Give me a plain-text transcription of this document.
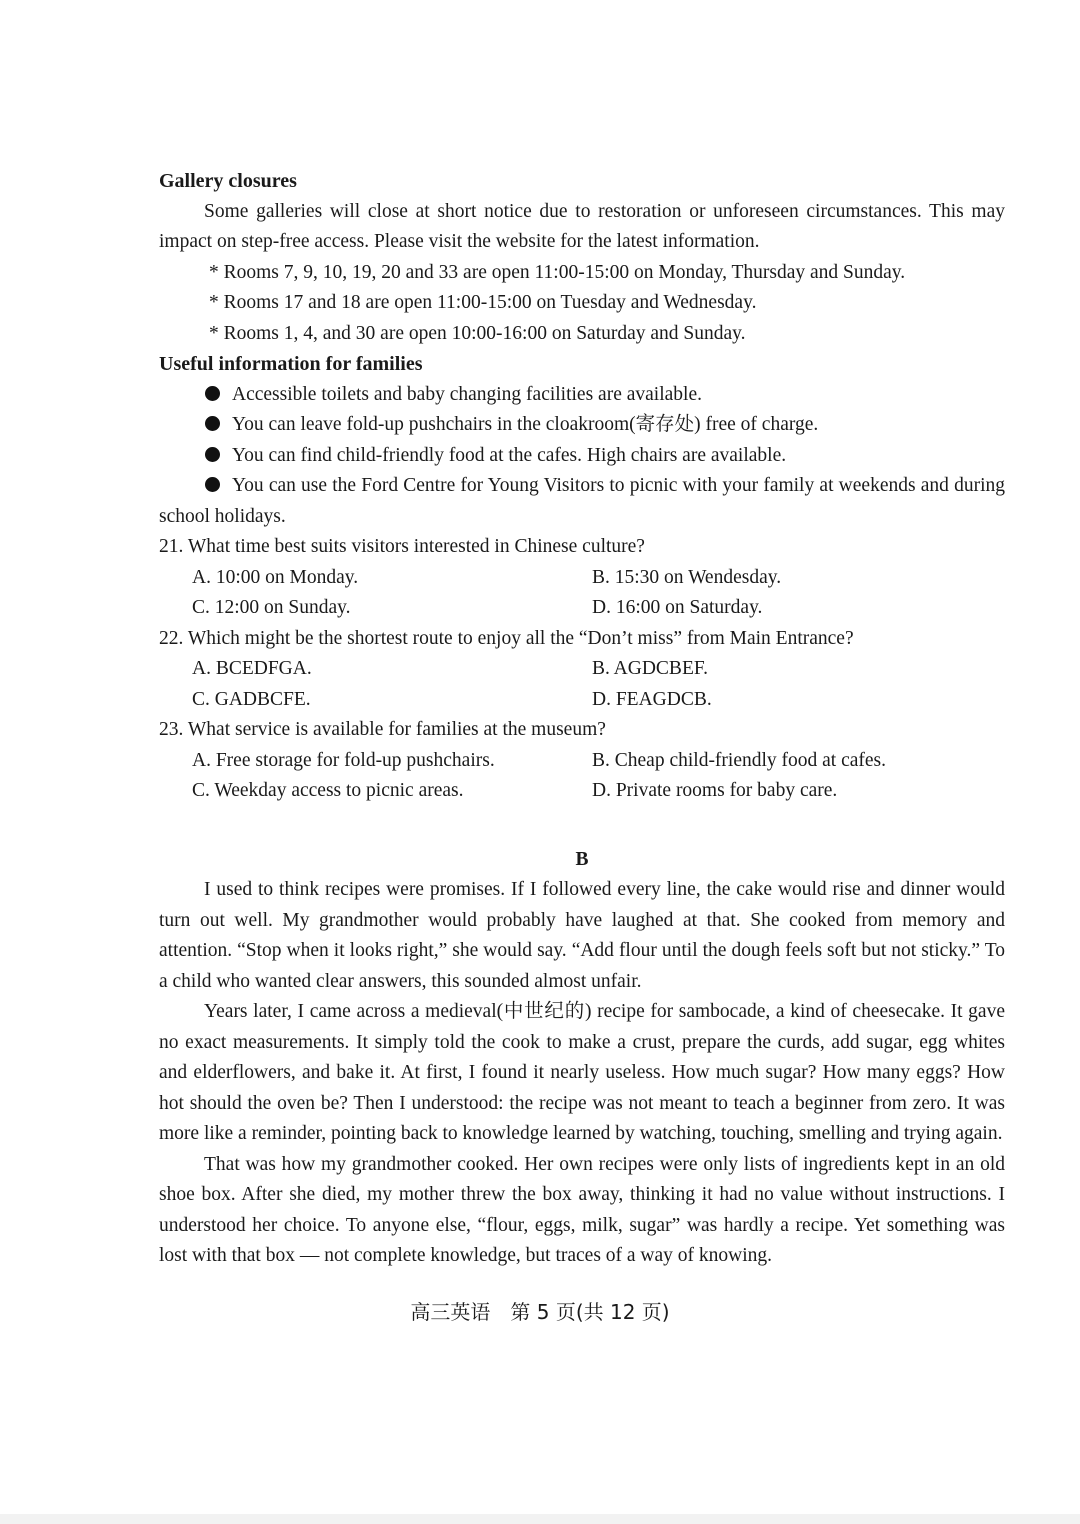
Gallery closures
Some galleries will close at short notice due to restoration or unforeseen circumstances. This may impact on step-free access. Please visit the website for the latest information.
* Rooms 7, 9, 10, 19, 20 and 33 are open 11:00-15:00 on Monday, Thursday and Sunday.
* Rooms 17 and 18 are open 11:00-15:00 on Tuesday and Wednesday.
* Rooms 1, 4, and 30 are open 10:00-16:00 on Saturday and Sunday.
Useful information for families
Accessible toilets and baby changing facilities are available.
You can leave fold-up pushchairs in the cloakroom(寄存处) free of charge.
You can find child-friendly food at the cafes. High chairs are available.
You can use the Ford Centre for Young Visitors to picnic with your family at weekends and during school holidays.
21. What time best suits visitors interested in Chinese culture?
A. 10:00 on Monday.	B. 15:30 on Wendesday.
C. 12:00 on Sunday.	D. 16:00 on Saturday.
22. Which might be the shortest route to enjoy all the “Don’t miss” from Main Entrance?
A. BCEDFGA.	B. AGDCBEF.
C. GADBCFE.	D. FEAGDCB.
23. What service is available for families at the museum?
A. Free storage for fold-up pushchairs.	B. Cheap child-friendly food at cafes.
C. Weekday access to picnic areas.	D. Private rooms for baby care.
B
I used to think recipes were promises. If I followed every line, the cake would rise and dinner would turn out well. My grandmother would probably have laughed at that. She cooked from memory and attention. “Stop when it looks right,” she would say. “Add flour until the dough feels soft but not sticky.” To a child who wanted clear answers, this sounded almost unfair.
Years later, I came across a medieval(中世纪的) recipe for sambocade, a kind of cheesecake. It gave no exact measurements. It simply told the cook to make a crust, prepare the curds, add sugar, egg whites and elderflowers, and bake it. At first, I found it nearly useless. How much sugar? How many eggs? How hot should the oven be? Then I understood: the recipe was not meant to teach a beginner from zero. It was more like a reminder, pointing back to knowledge learned by watching, touching, smelling and trying again.
That was how my grandmother cooked. Her own recipes were only lists of ingredients kept in an old shoe box. After she died, my mother threw the box away, thinking it had no value without instructions. I understood her choice. To anyone else, “flour, eggs, milk, sugar” was hardly a recipe. Yet something was lost with that box — not complete knowledge, but traces of a way of knowing.
高三英语　第 5 页(共 12 页)
